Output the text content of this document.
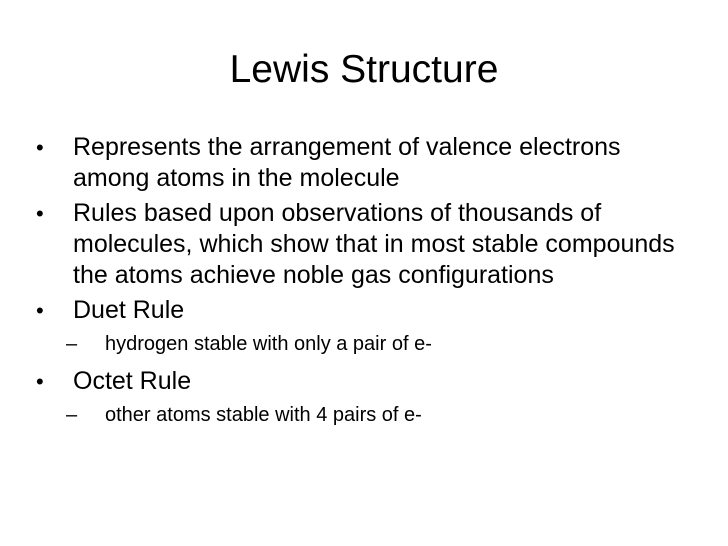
Lewis Structure
•	Represents the arrangement of valence electrons among atoms in the molecule
•	Rules based upon observations of thousands of molecules, which show that in most stable compounds the atoms achieve noble gas configurations
•	Duet Rule
– hydrogen stable with only a pair of e-
•	Octet Rule
– other atoms stable with 4 pairs of e-
